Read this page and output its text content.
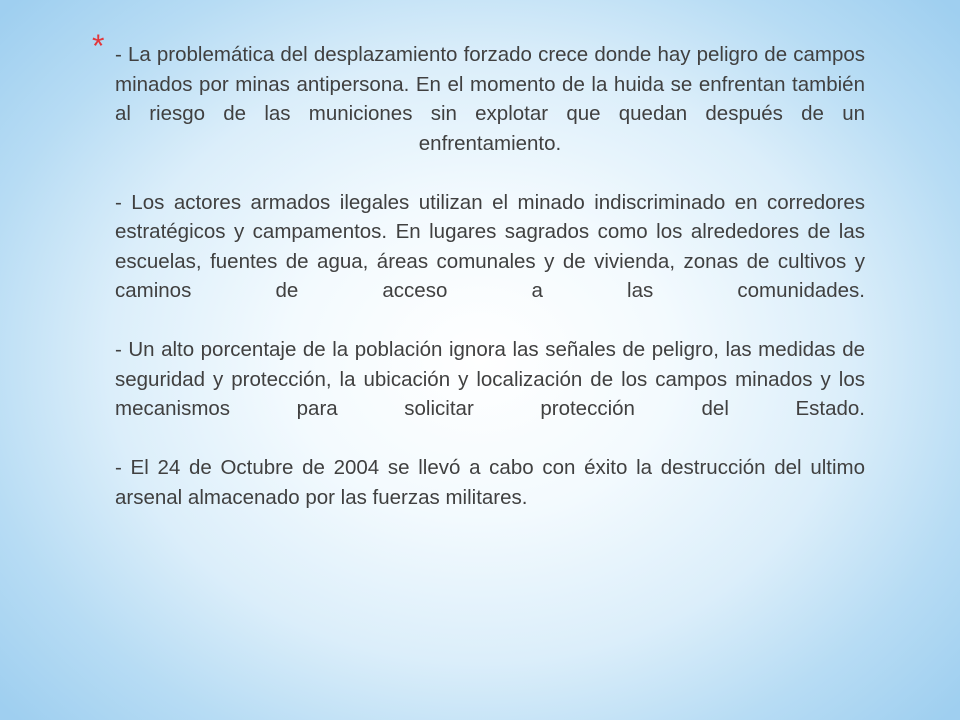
* - La problemática del desplazamiento forzado crece donde hay peligro de campos minados por minas antipersona. En el momento de la huida se enfrentan también al riesgo de las municiones sin explotar que quedan después de un enfrentamiento.

- Los actores armados ilegales utilizan el minado indiscriminado en corredores estratégicos y campamentos. En lugares sagrados como los alrededores de las escuelas, fuentes de agua, áreas comunales y de vivienda, zonas de cultivos y caminos de acceso a las comunidades.

- Un alto porcentaje de la población ignora las señales de peligro, las medidas de seguridad y protección, la ubicación y localización de los campos minados y los mecanismos para solicitar protección del Estado.

- El 24 de Octubre de 2004 se llevó a cabo con éxito la destrucción del ultimo arsenal almacenado por las fuerzas militares.
